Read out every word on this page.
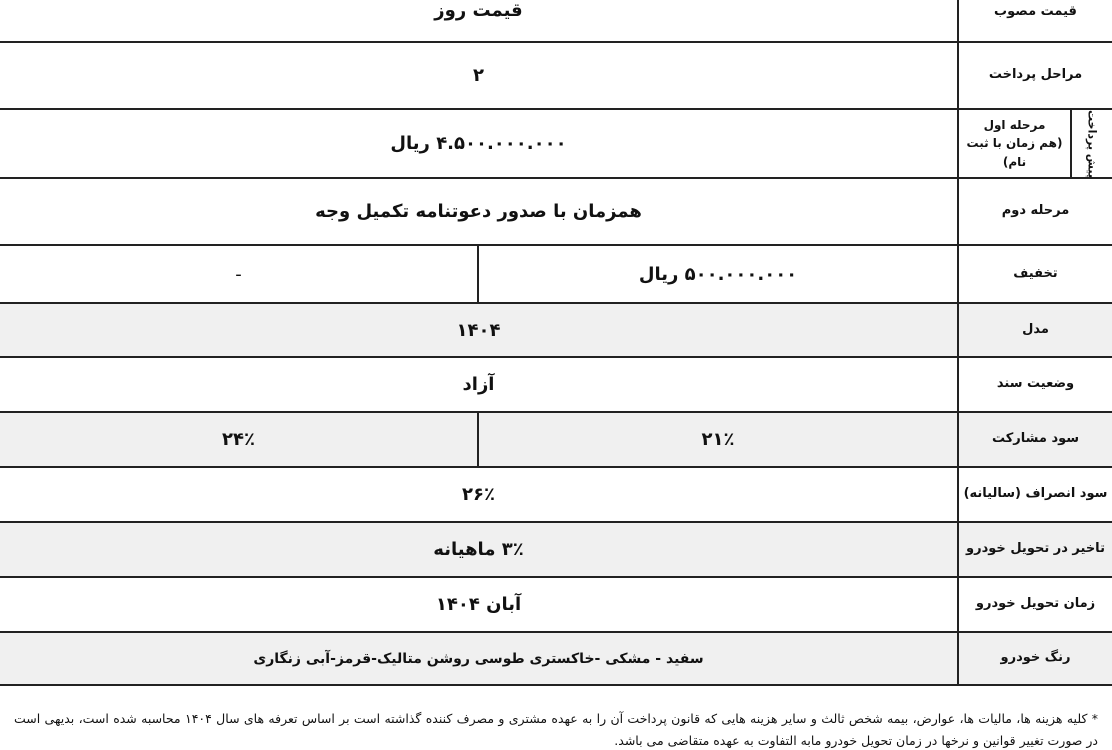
قیمت مصوب
قیمت روز
مراحل پرداخت
۲
پیش پرداخت
مرحله اول
(هم زمان با ثبت نام)
۴.۵۰۰.۰۰۰.۰۰۰ ریال
مرحله دوم
همزمان با صدور دعوتنامه تکمیل وجه
تخفیف
۵۰۰.۰۰۰.۰۰۰ ریال
-
مدل
۱۴۰۴
وضعیت سند
آزاد
سود مشارکت
۲۱٪
۲۴٪
سود انصراف (سالیانه)
۲۶٪
تاخیر در تحویل خودرو
۳٪ ماهیانه
زمان تحویل خودرو
آبان ۱۴۰۴
رنگ خودرو
سفید - مشکی -خاکستری طوسی روشن متالیک-قرمز-آبی زنگاری
* کلیه هزینه ها، مالیات ها، عوارض، بیمه شخص ثالث و سایر هزینه هایی که قانون پرداخت آن را به عهده مشتری و مصرف کننده گذاشته است بر اساس تعرفه های سال ۱۴۰۴ محاسبه شده است، بدیهی است در صورت تغییر قوانین و نرخها در زمان تحویل خودرو مابه التفاوت به عهده متقاضی می باشد.
